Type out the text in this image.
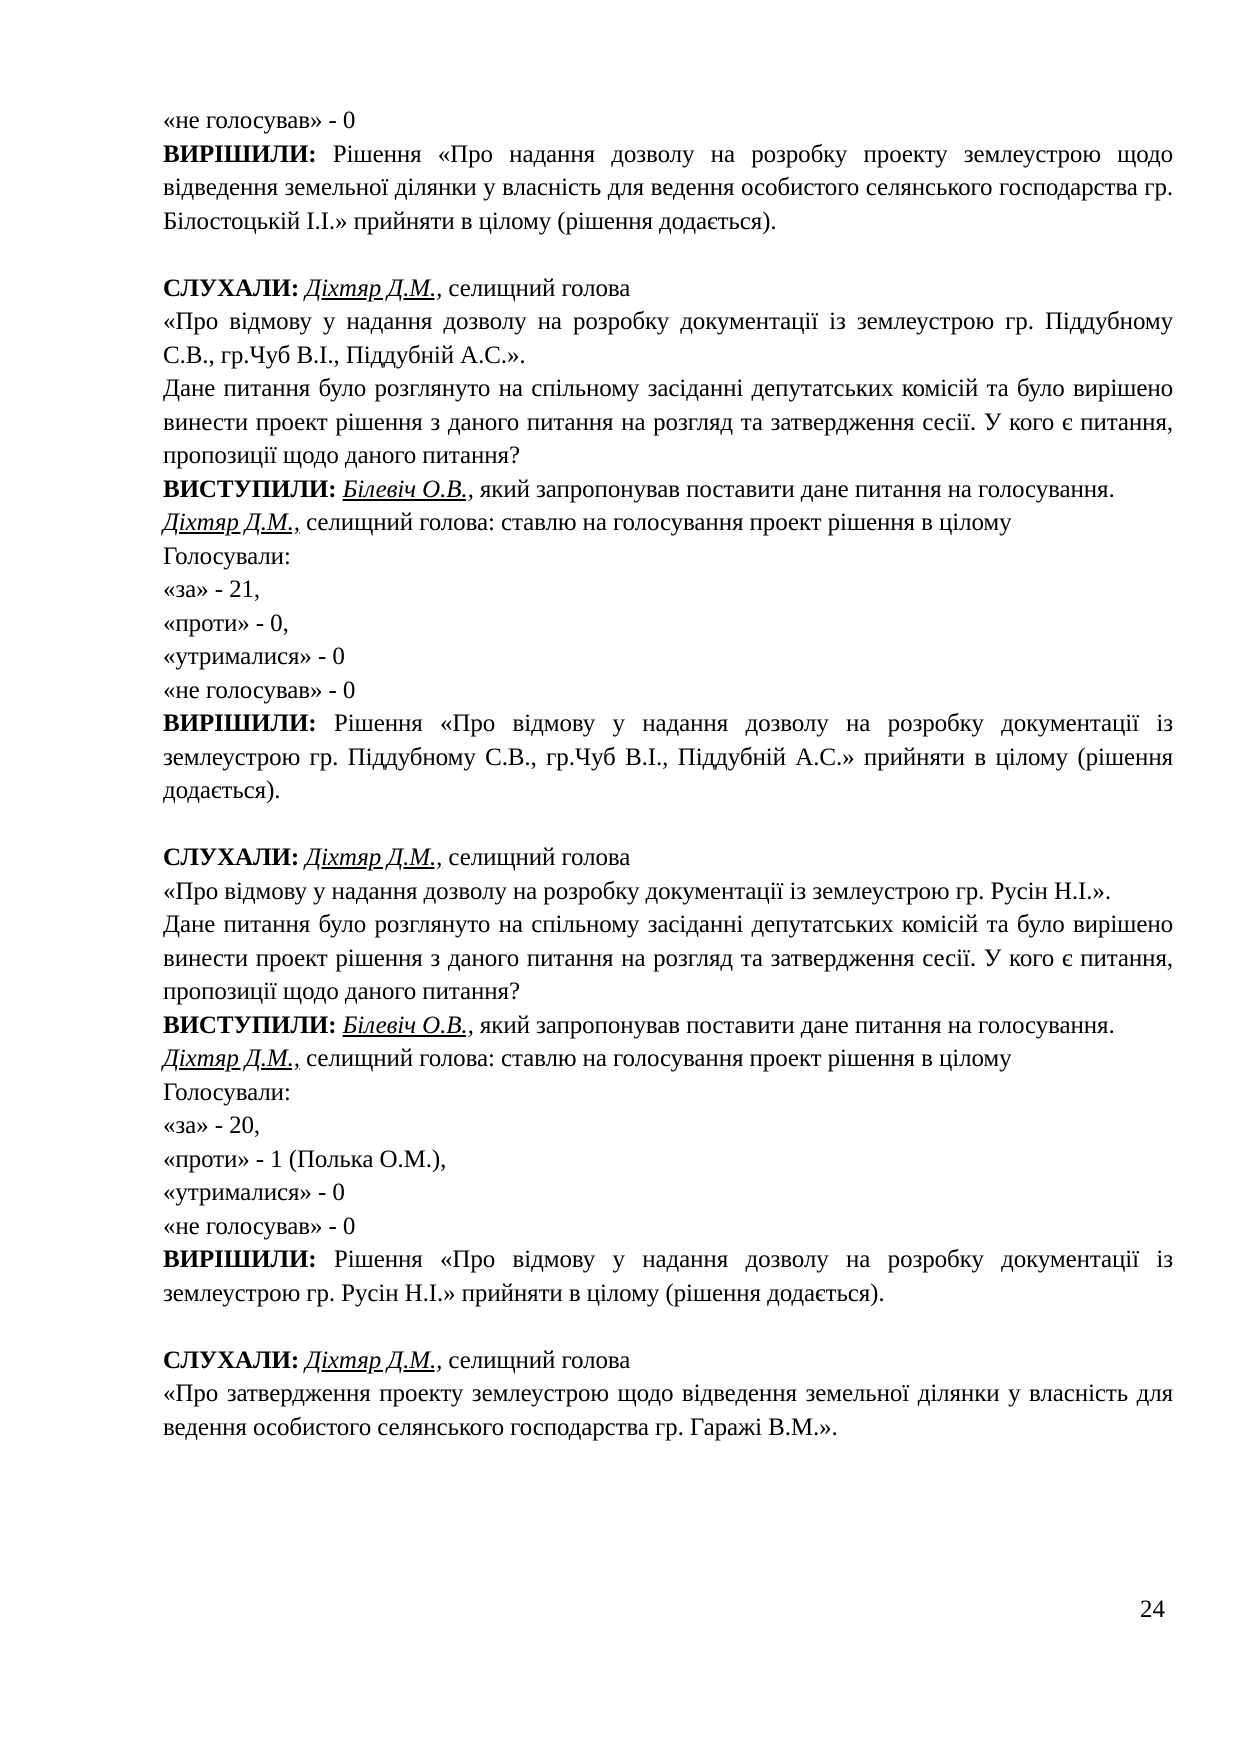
«не голосував» - 0

ВИРІШИЛИ: Рішення «Про надання дозволу на розробку проекту землеустрою щодо відведення земельної ділянки у власність для ведення особистого селянського господарства гр. Білостоцькій І.І.» прийняти в цілому (рішення додається).

СЛУХАЛИ: Діхтяр Д.М., селищний голова

«Про відмову у надання дозволу на розробку документації із землеустрою гр. Піддубному С.В., гр.Чуб В.І., Піддубній А.С.».

Дане питання було розглянуто на спільному засіданні депутатських комісій та було вирішено винести проект рішення з даного питання на розгляд та затвердження сесії. У кого є питання, пропозиції щодо даного питання?

ВИСТУПИЛИ: Білевіч О.В., який запропонував поставити дане питання на голосування.

Діхтяр Д.М., селищний голова: ставлю на голосування проект рішення в цілому

Голосували:

«за» - 21,

«проти» - 0,

«утрималися» - 0

«не голосував» - 0

ВИРІШИЛИ: Рішення «Про відмову у надання дозволу на розробку документації із землеустрою гр. Піддубному С.В., гр.Чуб В.І., Піддубній А.С.» прийняти в цілому (рішення додається).

СЛУХАЛИ: Діхтяр Д.М., селищний голова

«Про відмову у надання дозволу на розробку документації із землеустрою гр. Русін Н.І.».

Дане питання було розглянуто на спільному засіданні депутатських комісій та було вирішено винести проект рішення з даного питання на розгляд та затвердження сесії. У кого є питання, пропозиції щодо даного питання?

ВИСТУПИЛИ: Білевіч О.В., який запропонував поставити дане питання на голосування.

Діхтяр Д.М., селищний голова: ставлю на голосування проект рішення в цілому

Голосували:

«за» - 20,

«проти» - 1 (Полька О.М.),

«утрималися» - 0

«не голосував» - 0

ВИРІШИЛИ: Рішення «Про відмову у надання дозволу на розробку документації із землеустрою гр. Русін Н.І.» прийняти в цілому (рішення додається).

СЛУХАЛИ: Діхтяр Д.М., селищний голова

«Про затвердження проекту землеустрою щодо відведення земельної ділянки у власність для ведення особистого селянського господарства гр. Гаражі В.М.».

24
